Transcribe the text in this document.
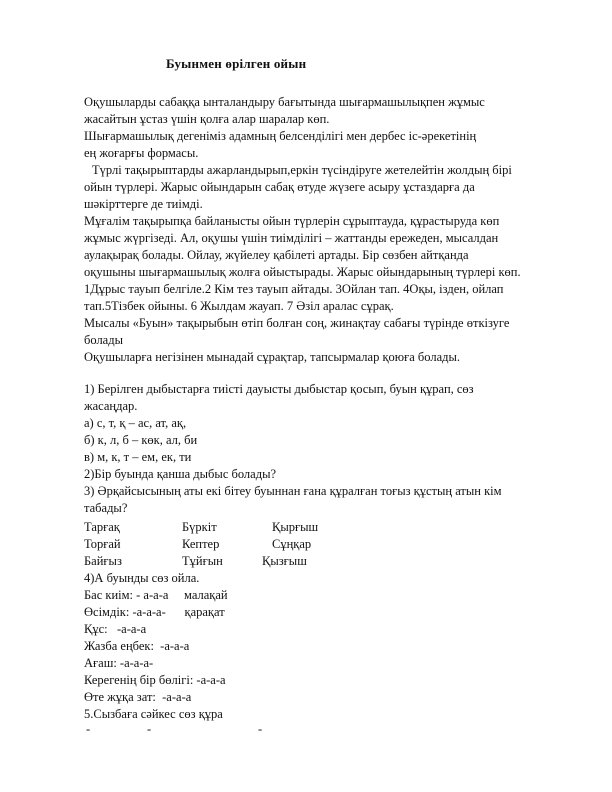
Буынмен өрілген ойын
Оқушыларды сабаққа ынталандыру бағытында шығармашылықпен жұмыс
жасайтын ұстаз үшін қолға алар шаралар көп.
Шығармашылық дегеніміз адамның белсенділігі мен дербес іс-әрекетінің
ең жоғарғы формасы.
Түрлі тақырыптарды ажарландырып,еркін түсіндіруге жетелейтін жолдың бірі
ойын түрлері. Жарыс ойындарын сабақ өтуде жүзеге асыру ұстаздарға да
шәкірттерге де тиімді.
Мұғалім тақырыпқа байланысты ойын түрлерін сұрыптауда, құрастыруда көп
жұмыс жүргізеді. Ал, оқушы үшін тиімділігі – жаттанды ережеден, мысалдан
аулақырақ болады. Ойлау, жүйелеу қабілеті артады. Бір сөзбен айтқанда
оқушыны шығармашылық жолға ойыстырады. Жарыс ойындарының түрлері көп.
1Дұрыс тауып белгіле.2 Кім тез тауып айтады. 3Ойлан тап. 4Оқы, ізден, ойлап
тап.5Тізбек ойыны. 6 Жылдам жауап. 7 Әзіл аралас сұрақ.
Мысалы «Буын» тақырыбын өтіп болған соң, жинақтау сабағы түрінде өткізуге
болады
Оқушыларға негізінен мынадай сұрақтар, тапсырмалар қоюға болады.
1) Берілген дыбыстарға тиісті дауысты дыбыстар қосып, буын құрап, сөз
жасаңдар.
а) с, т, қ – ас, ат, ақ,
б) к, л, б – көк, ал, би
в) м, к, т – ем, ек, ти
2)Бір буында қанша дыбыс болады?
3) Әрқайсысының аты екі бітеу буыннан ғана құралған тоғыз құстың атын кім
табады?
Тарғақ	Бүркіт	Қырғыш
Торғай	Кептер	Сұңқар
Байғыз	Тұйғын	Қызғыш
4)А буынды сөз ойла.
Бас киім: - а-а-а     малақай
Өсімдік: -а-а-а-      қарақат
Құс:   -а-а-а
Жазба еңбек:  -а-а-а
Ағаш: -а-а-а-
Керегенің бір бөлігі: -а-а-а
Өте жұқа зат:  -а-а-а
5.Сызбаға сәйкес сөз құра
-	-	-
